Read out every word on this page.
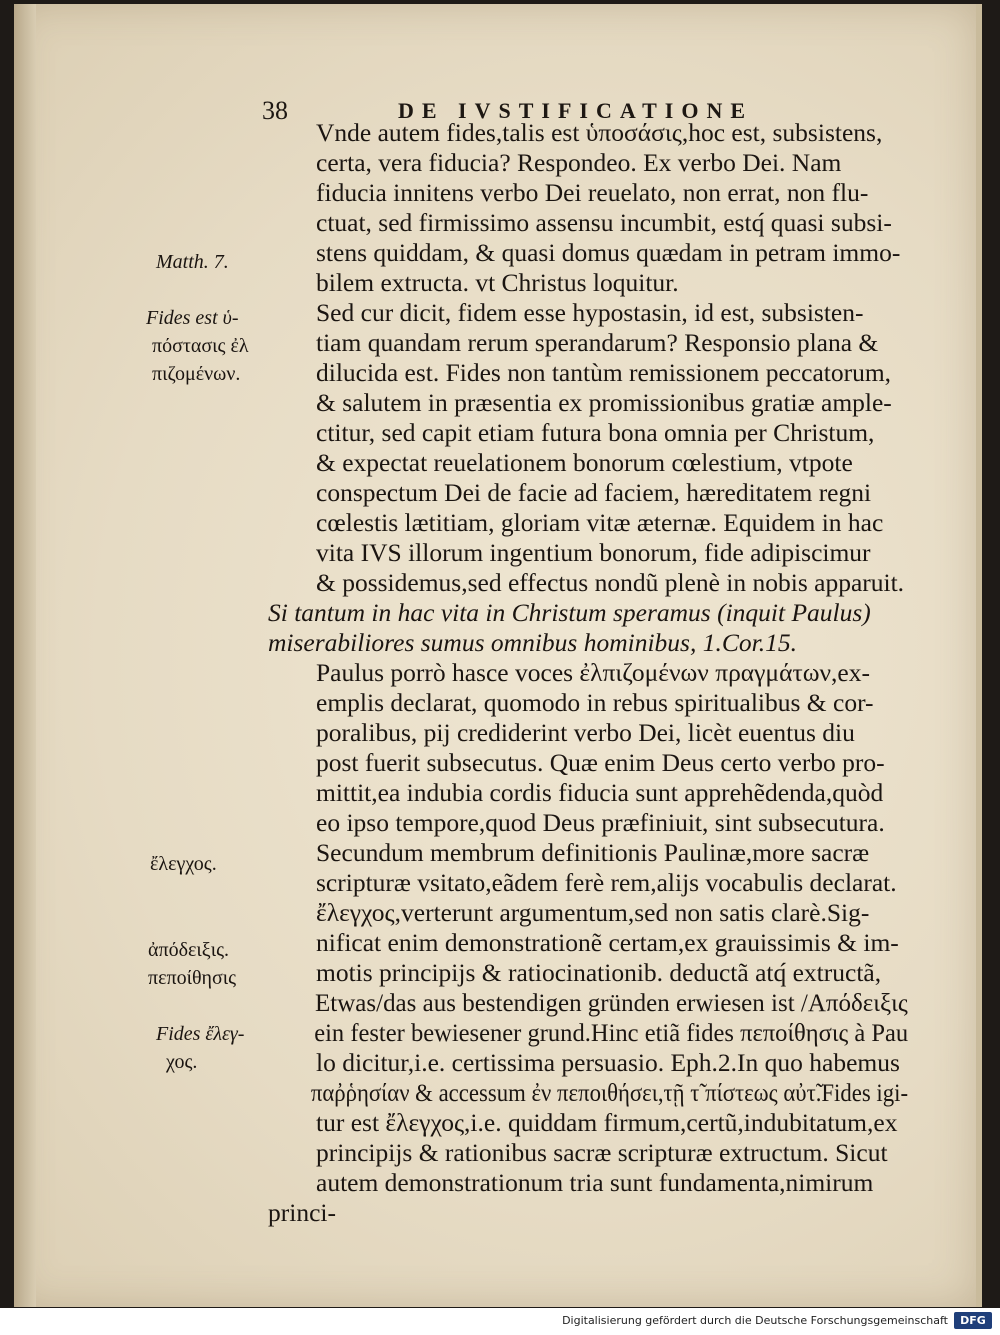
38	DE IVSTIFICATIONE
Vnde autem fides,talis est ὑποσάσις,hoc est, subsistens,
certa, vera fiducia? Respondeo. Ex verbo Dei. Nam
fiducia innitens verbo Dei reuelato, non errat, non flu-
ctuat, sed firmissimo assensu incumbit, estq́ quasi subsi-
stens quiddam, & quasi domus quædam in petram immo-
bilem extructa. vt Christus loquitur.
Sed cur dicit, fidem esse hypostasin, id est, subsisten-
tiam quandam rerum sperandarum? Responsio plana &
dilucida est. Fides non tantùm remissionem peccatorum,
& salutem in præsentia ex promissionibus gratiæ ample-
ctitur, sed capit etiam futura bona omnia per Christum,
& expectat reuelationem bonorum cœlestium, vtpote
conspectum Dei de facie ad faciem, hæreditatem regni
cœlestis lætitiam, gloriam vitæ æternæ. Equidem in hac
vita IVS illorum ingentium bonorum, fide adipiscimur
& possidemus,sed effectus nondũ plenè in nobis apparuit.
Si tantum in hac vita in Christum speramus (inquit Paulus)
miserabiliores sumus omnibus hominibus, 1.Cor.15.
Paulus porrò hasce voces ἐλπιζομένων πραγμάτων,ex-
emplis declarat, quomodo in rebus spiritualibus & cor-
poralibus, pij crediderint verbo Dei, licèt euentus diu
post fuerit subsecutus. Quæ enim Deus certo verbo pro-
mittit,ea indubia cordis fiducia sunt apprehẽdenda,quòd
eo ipso tempore,quod Deus præfiniuit, sint subsecutura.
Secundum membrum definitionis Paulinæ,more sacræ
scripturæ vsitato,eãdem ferè rem,alijs vocabulis declarat.
ἔλεγχος,verterunt argumentum,sed non satis clarè.Sig-
nificat enim demonstrationẽ certam,ex grauissimis & im-
motis principijs & ratiocinationib. deductã atq́ extructã,
Etwas/das aus bestendigen gründen erwiesen ist /Απόδειξις
ein fester bewiesener grund.Hinc etiã fides πεποίθησις à Pau
lo dicitur,i.e. certissima persuasio. Eph.2.In quo habemus
παῤῥησίαν & accessum ἐν πεποιθήσει,τῇ τ̃ πίστεως αὐτ̃.Fides igi-
tur est ἔλεγχος,i.e. quiddam firmum,certũ,indubitatum,ex
principijs & rationibus sacræ scripturæ extructum. Sicut
autem demonstrationum tria sunt fundamenta,nimirum
princi-
Matth. 7.
Fides est ὑ-
πόστασις ἐλ
πιζομένων.
ἔλεγχος.
ἀπόδειξις.
πεποίθησις
Fides ἔλεγ-
χος.
Digitalisierung gefördert durch die Deutsche Forschungsgemeinschaft	DFG
